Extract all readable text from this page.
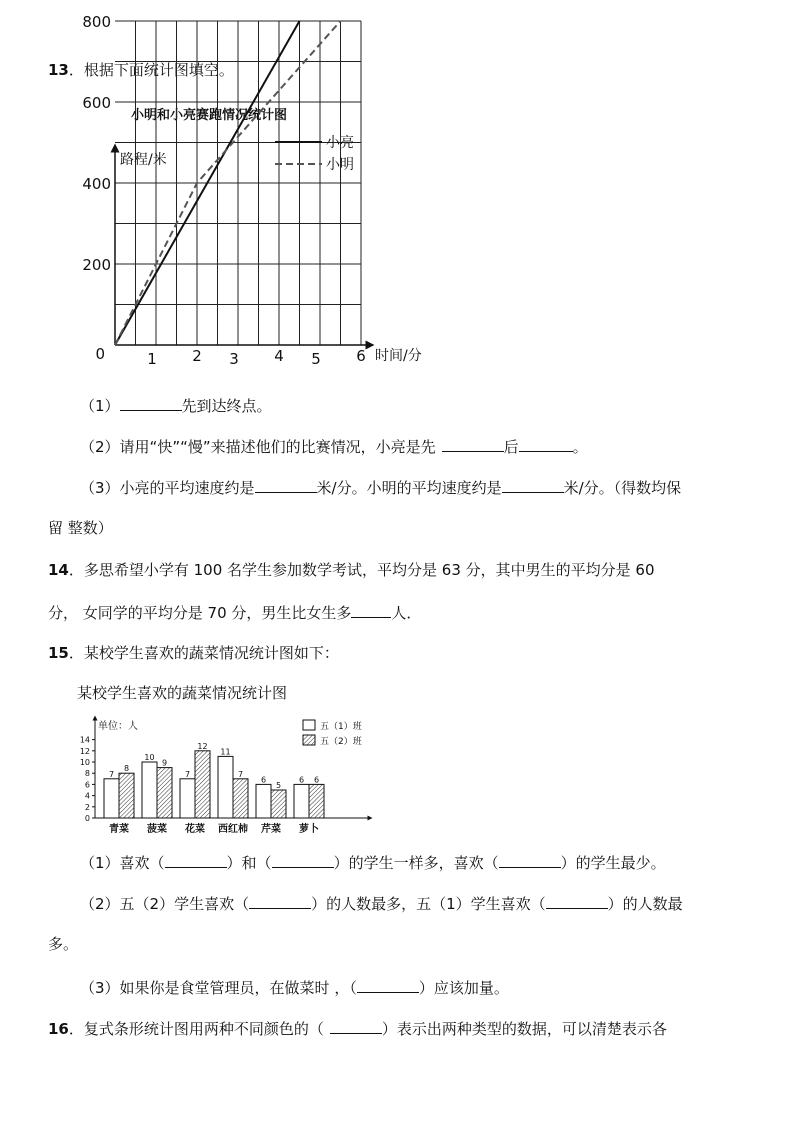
13．根据下面统计图填空。
小明和小亮赛跑情况统计图
路程/米
时间/分
0	1 2 3 4 5 6
200
400
600
800
小亮
小明
（1）	先到达终点。
（2）请用“快”“慢”来描述他们的比赛情况，小亮是先	后	。
（3）小亮的平均速度约是	米/分。小明的平均速度约是	米/分。（得数均保
留 整数）
14．多思希望小学有 100 名学生参加数学考试，平均分是 63 分，其中男生的平均分是 60
分， 女同学的平均分是 70 分，男生比女生多	人．
15．某校学生喜欢的蔬菜情况统计图如下：
某校学生喜欢的蔬菜情况统计图
单位：人
0
2
4
6
8
10
12
14
7
8
青菜
10
9
菠菜
7
12
花菜
11
7
西红柿
6
5
芹菜
6 6
萝卜
五（1）班
五（2）班
（1）喜欢（	）和（	）的学生一样多，喜欢（	）的学生最少。
（2）五（2）学生喜欢（	）的人数最多，五（1）学生喜欢（	）的人数最
多。
（3）如果你是食堂管理员，在做菜时 ，（	）应该加量。
16．复式条形统计图用两种不同颜色的（	）表示出两种类型的数据，可以清楚表示各
